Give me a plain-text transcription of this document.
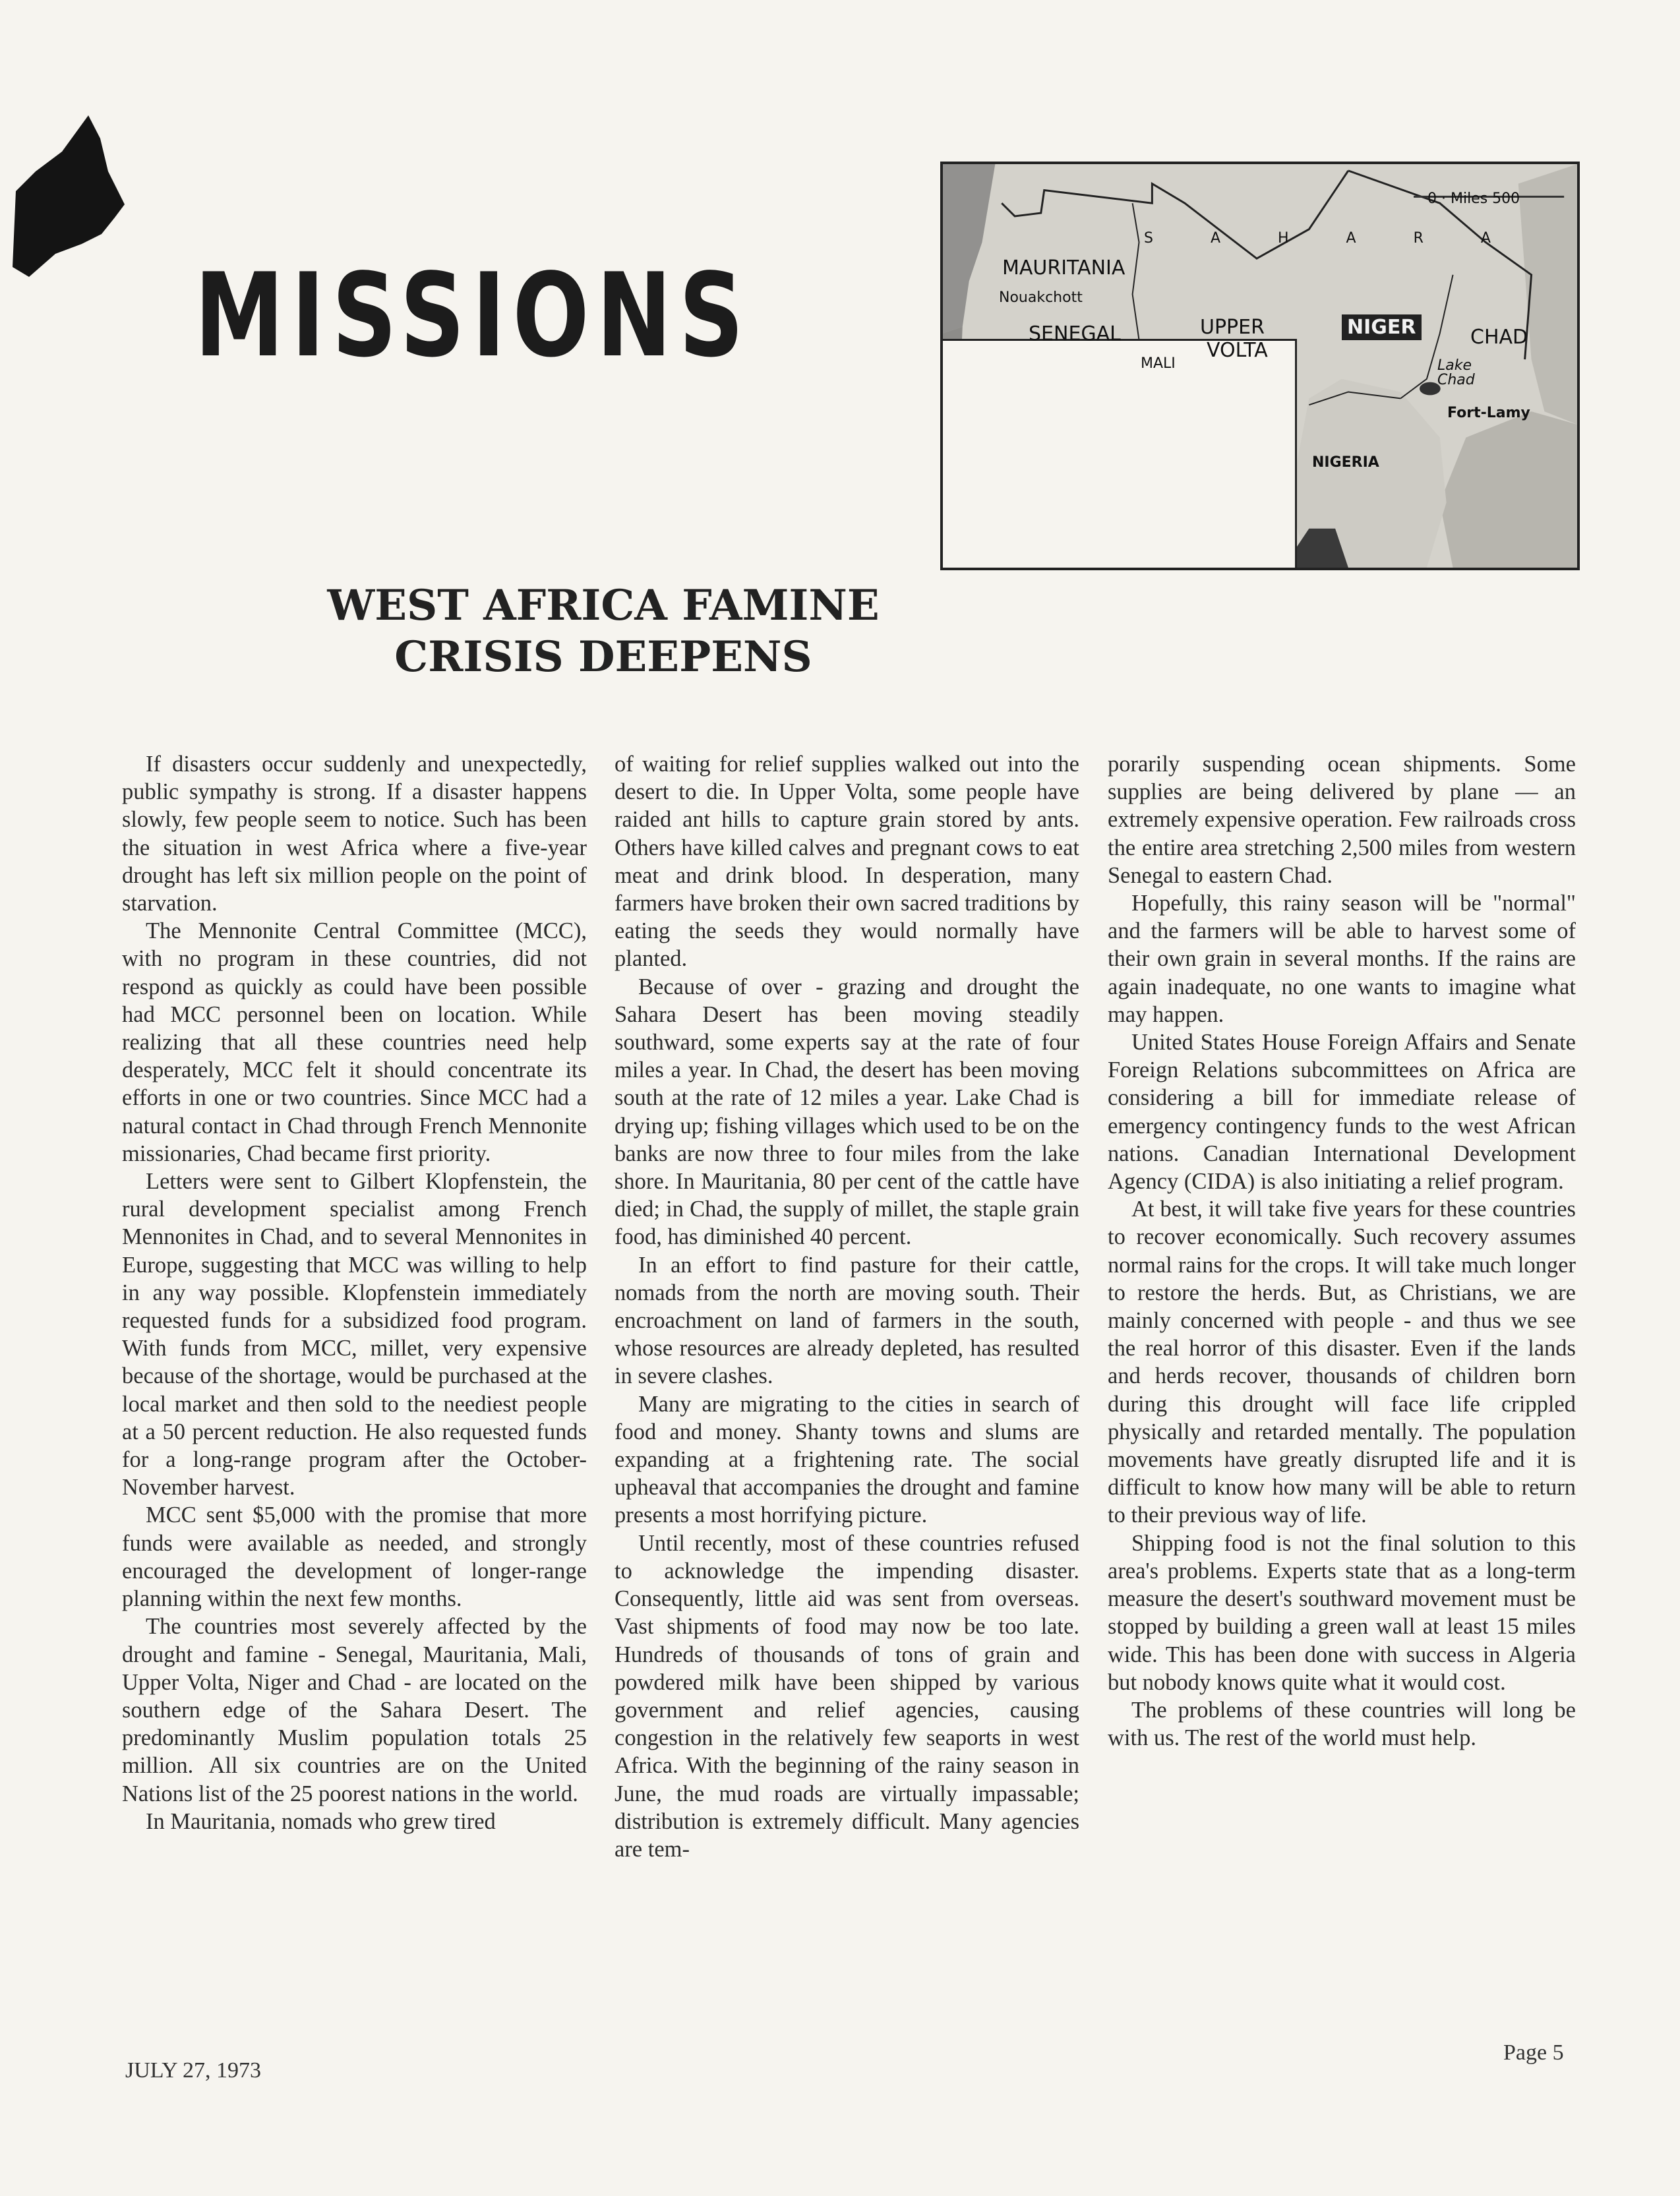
MISSIONS
0 · Miles 500
MAURITANIA
Nouakchott
SENEGAL
S A H A R A
UPPER
VOLTA
MALI
NIGER	CHAD
Lake Chad
Fort-Lamy
NIGERIA
WEST AFRICA FAMINE
CRISIS DEEPENS

If disasters occur suddenly and unexpectedly, public sympathy is strong. If a disaster happens slowly, few people seem to notice. Such has been the situation in west Africa where a five-year drought has left six million people on the point of starvation.

The Mennonite Central Committee (MCC), with no program in these countries, did not respond as quickly as could have been possible had MCC personnel been on location. While realizing that all these countries need help desperately, MCC felt it should concentrate its efforts in one or two countries. Since MCC had a natural contact in Chad through French Mennonite missionaries, Chad became first priority.

Letters were sent to Gilbert Klopfenstein, the rural development specialist among French Mennonites in Chad, and to several Mennonites in Europe, suggesting that MCC was willing to help in any way possible. Klopfenstein immediately requested funds for a subsidized food program. With funds from MCC, millet, very expensive because of the shortage, would be purchased at the local market and then sold to the neediest people at a 50 percent reduction. He also requested funds for a long-range program after the October-November harvest.

MCC sent $5,000 with the promise that more funds were available as needed, and strongly encouraged the development of longer-range planning within the next few months.

The countries most severely affected by the drought and famine - Senegal, Mauritania, Mali, Upper Volta, Niger and Chad - are located on the southern edge of the Sahara Desert. The predominantly Muslim population totals 25 million. All six countries are on the United Nations list of the 25 poorest nations in the world.

In Mauritania, nomads who grew tired

of waiting for relief supplies walked out into the desert to die. In Upper Volta, some people have raided ant hills to capture grain stored by ants. Others have killed calves and pregnant cows to eat meat and drink blood. In desperation, many farmers have broken their own sacred traditions by eating the seeds they would normally have planted.

Because of over - grazing and drought the Sahara Desert has been moving steadily southward, some experts say at the rate of four miles a year. In Chad, the desert has been moving south at the rate of 12 miles a year. Lake Chad is drying up; fishing villages which used to be on the banks are now three to four miles from the lake shore. In Mauritania, 80 per cent of the cattle have died; in Chad, the supply of millet, the staple grain food, has diminished 40 percent.

In an effort to find pasture for their cattle, nomads from the north are moving south. Their encroachment on land of farmers in the south, whose resources are already depleted, has resulted in severe clashes.

Many are migrating to the cities in search of food and money. Shanty towns and slums are expanding at a frightening rate. The social upheaval that accompanies the drought and famine presents a most horrifying picture.

Until recently, most of these countries refused to acknowledge the impending disaster. Consequently, little aid was sent from overseas. Vast shipments of food may now be too late. Hundreds of thousands of tons of grain and powdered milk have been shipped by various government and relief agencies, causing congestion in the relatively few seaports in west Africa. With the beginning of the rainy season in June, the mud roads are virtually impassable; distribution is extremely difficult. Many agencies are tem-

porarily suspending ocean shipments. Some supplies are being delivered by plane — an extremely expensive operation. Few railroads cross the entire area stretching 2,500 miles from western Senegal to eastern Chad.

Hopefully, this rainy season will be "normal" and the farmers will be able to harvest some of their own grain in several months. If the rains are again inadequate, no one wants to imagine what may happen.

United States House Foreign Affairs and Senate Foreign Relations subcommittees on Africa are considering a bill for immediate release of emergency contingency funds to the west African nations. Canadian International Development Agency (CIDA) is also initiating a relief program.

At best, it will take five years for these countries to recover economically. Such recovery assumes normal rains for the crops. It will take much longer to restore the herds. But, as Christians, we are mainly concerned with people - and thus we see the real horror of this disaster. Even if the lands and herds recover, thousands of children born during this drought will face life crippled physically and retarded mentally. The population movements have greatly disrupted life and it is difficult to know how many will be able to return to their previous way of life.

Shipping food is not the final solution to this area's problems. Experts state that as a long-term measure the desert's southward movement must be stopped by building a green wall at least 15 miles wide. This has been done with success in Algeria but nobody knows quite what it would cost.

The problems of these countries will long be with us. The rest of the world must help.

JULY 27, 1973
Page 5
